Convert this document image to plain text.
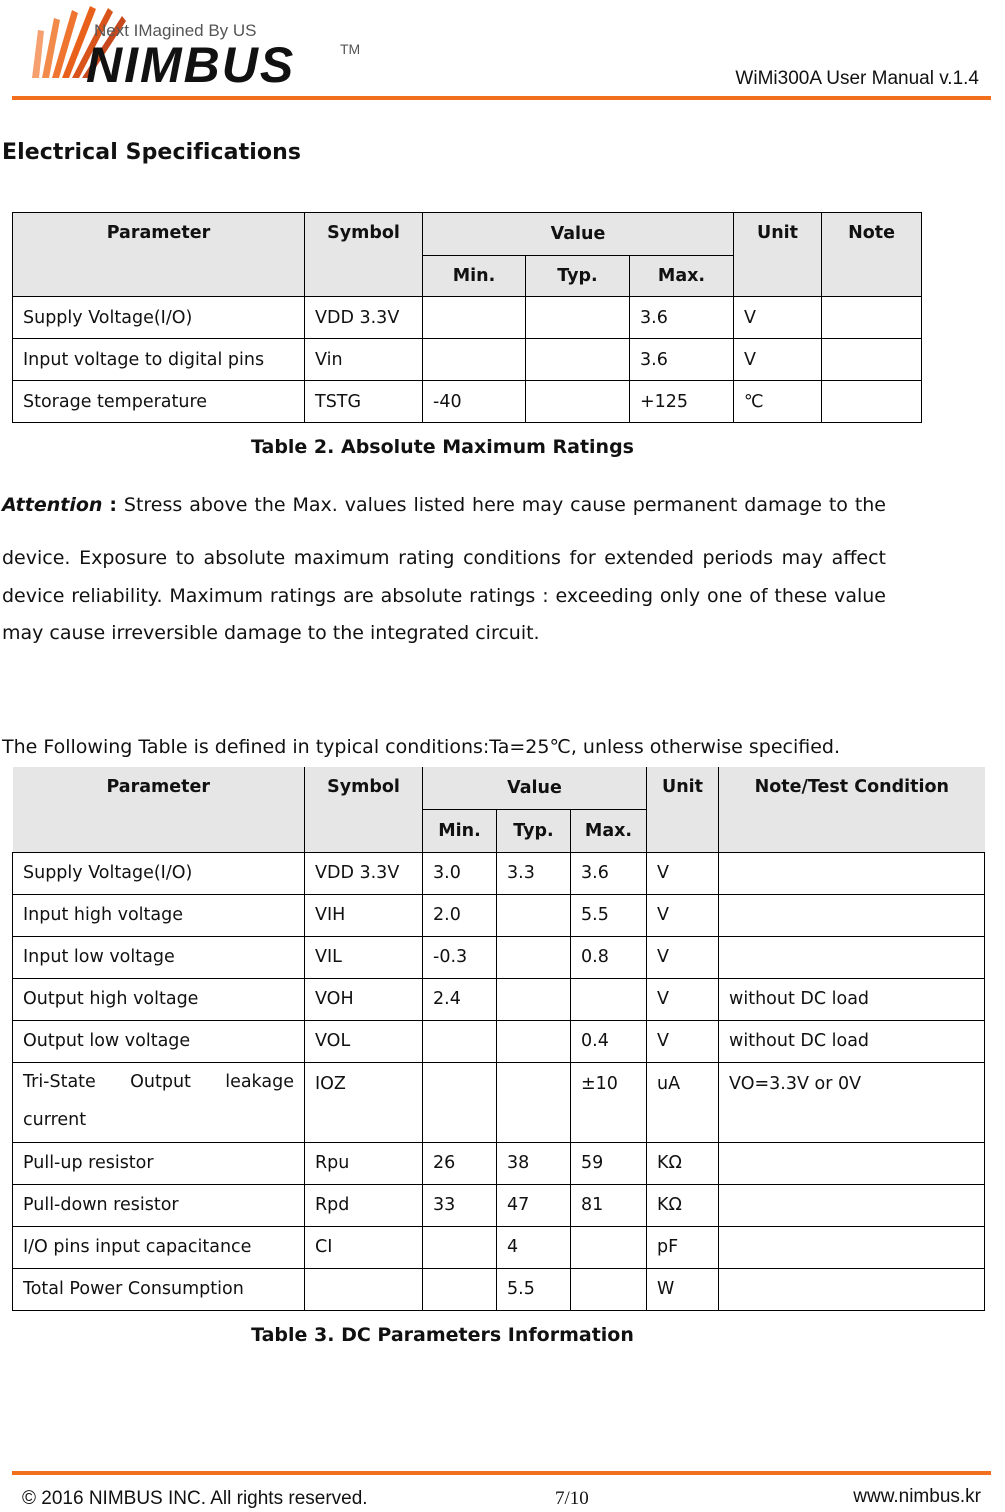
Next IMagined By US
NIMBUS	TM
WiMi300A User Manual v.1.4
Electrical Specifications
Parameter	Symbol	Value			Unit	Note
		Min.	Typ.	Max.		
Supply Voltage(I/O)	VDD 3.3V			3.6	V	
Input voltage to digital pins	Vin			3.6	V	
Storage temperature	TSTG	-40		+125	℃	
Table 2. Absolute Maximum Ratings

Attention : Stress above the Max. values listed here may cause permanent damage to the

device. Exposure to absolute maximum rating conditions for extended periods may affect

device reliability. Maximum ratings are absolute ratings : exceeding only one of these value

may cause irreversible damage to the integrated circuit.

The Following Table is defined in typical conditions:Ta=25℃, unless otherwise specified.

Parameter	Symbol	Value			Unit	Note/Test Condition
		Min.	Typ.	Max.		
Supply Voltage(I/O)	VDD 3.3V	3.0	3.3	3.6	V	
Input high voltage	VIH	2.0		5.5	V	
Input low voltage	VIL	-0.3		0.8	V	
Output high voltage	VOH	2.4			V	without DC load
Output low voltage	VOL			0.4	V	without DC load
Tri-State Output leakage current	IOZ			±10	uA	VO=3.3V or 0V
Pull-up resistor	Rpu	26	38	59	KΩ	
Pull-down resistor	Rpd	33	47	81	KΩ	
I/O pins input capacitance	CI		4		pF	
Total Power Consumption			5.5		W	
Table 3. DC Parameters Information
© 2016 NIMBUS INC. All rights reserved.	7/10	www.nimbus.kr
